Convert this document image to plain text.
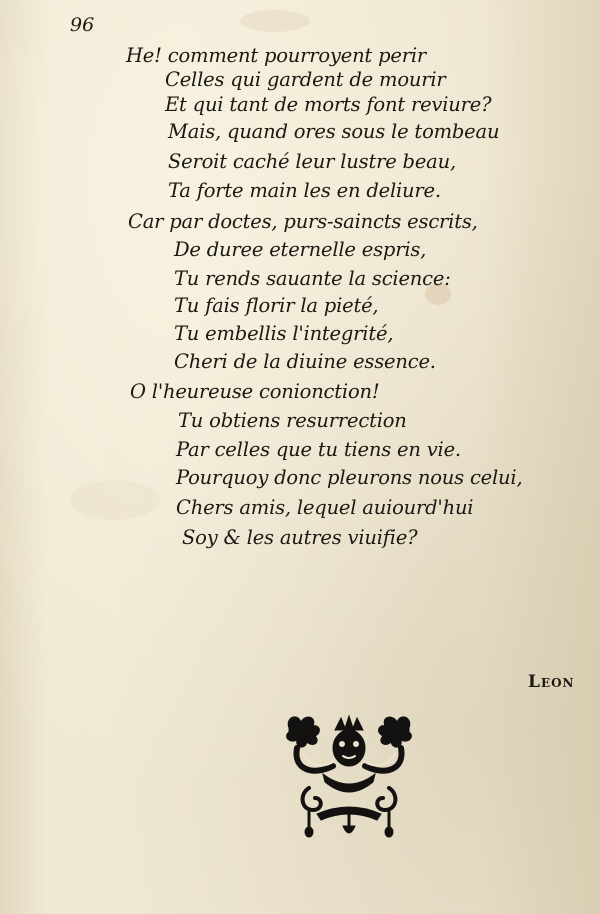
96
He! comment pourroyent perir
Celles qui gardent de mourir
Et qui tant de morts font reviure?
Mais, quand ores sous le tombeau
Seroit caché leur lustre beau,
Ta forte main les en deliure.
Car par doctes, purs-saincts escrits,
De duree eternelle espris,
Tu rends sauante la science:
Tu fais florir la pieté,
Tu embellis l'integrité,
Cheri de la diuine essence.
O l'heureuse conionction!
Tu obtiens resurrection
Par celles que tu tiens en vie.
Pourquoy donc pleurons nous celui,
Chers amis, lequel auiourd'hui
Soy & les autres viuifie?
Leon
